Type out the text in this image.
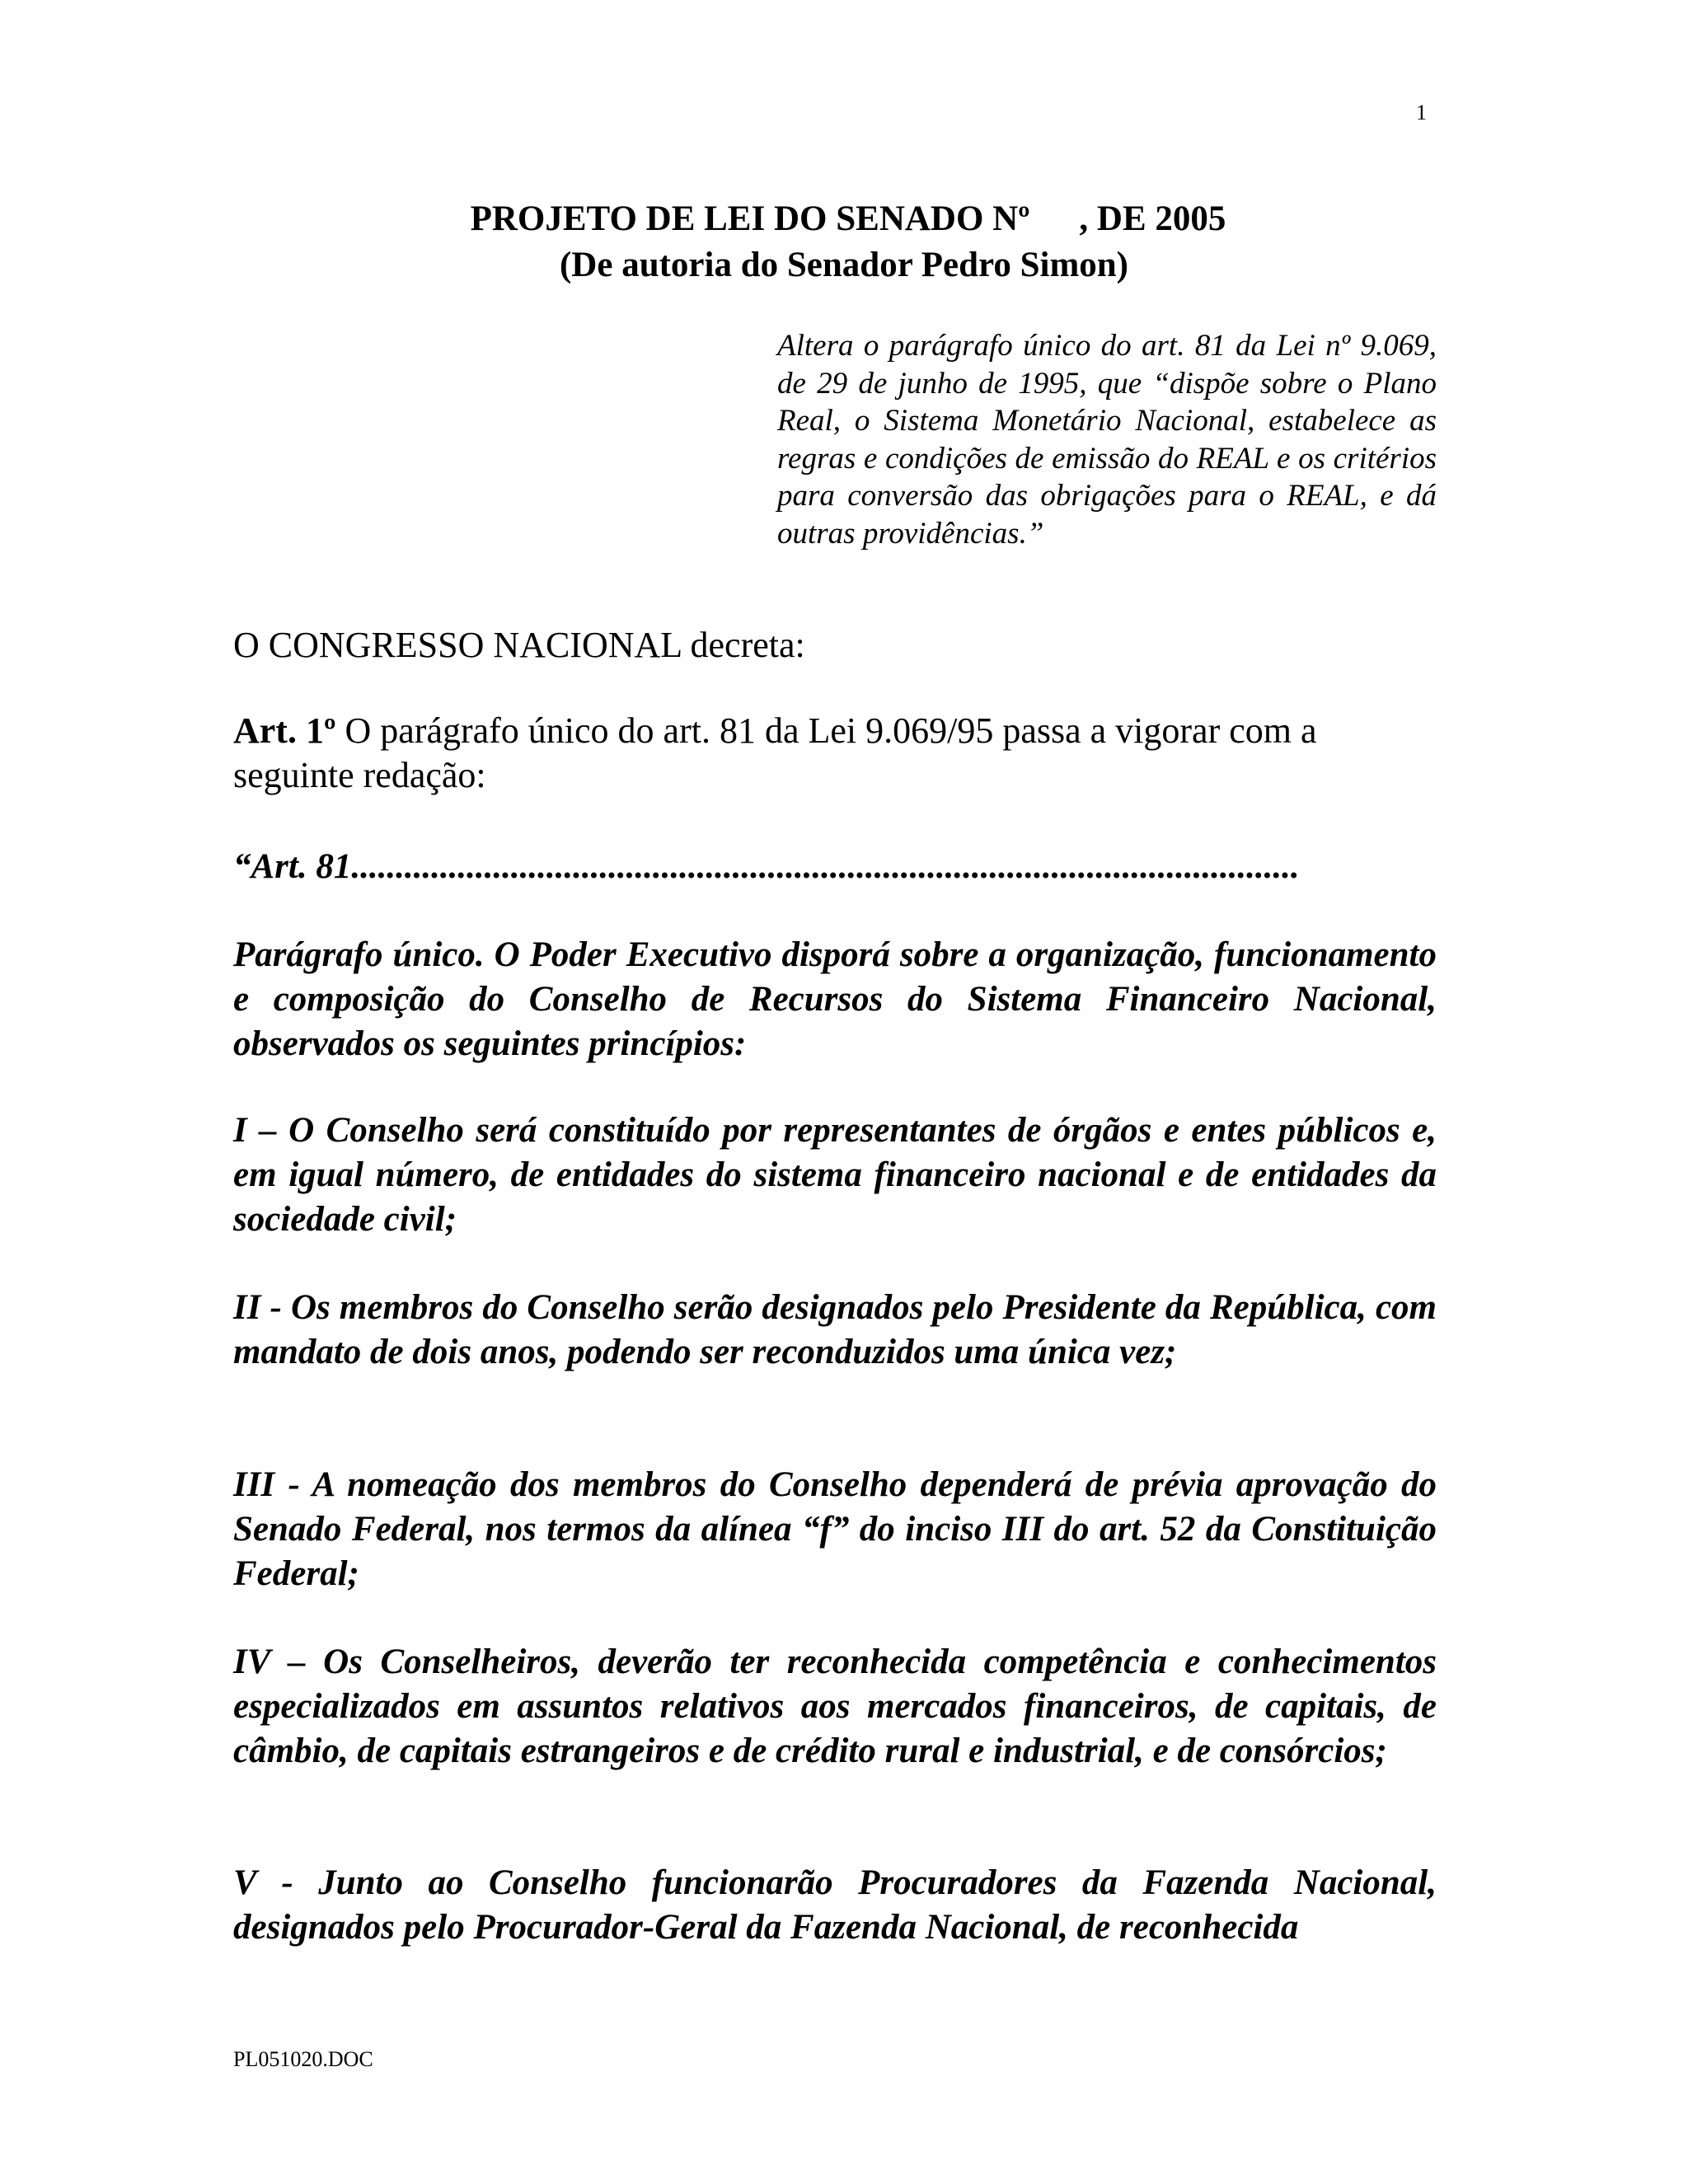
1
PROJETO DE LEI DO SENADO Nº , DE 2005
(De autoria do Senador Pedro Simon)
Altera o parágrafo único do art. 81 da Lei nº 9.069, de 29 de junho de 1995, que “dispõe sobre o Plano Real, o Sistema Monetário Nacional, estabelece as regras e condições de emissão do REAL e os critérios para conversão das obrigações para o REAL, e dá outras providências.”
O CONGRESSO NACIONAL decreta:
Art. 1º O parágrafo único do art. 81 da Lei 9.069/95 passa a vigorar com a seguinte redação:
“Art. 81...........................................................................................................
Parágrafo único. O Poder Executivo disporá sobre a organização, funcionamento e composição do Conselho de Recursos do Sistema Financeiro Nacional, observados os seguintes princípios:
I – O Conselho será constituído por representantes de órgãos e entes públicos e, em igual número, de entidades do sistema financeiro nacional e de entidades da sociedade civil;
II - Os membros do Conselho serão designados pelo Presidente da República, com mandato de dois anos, podendo ser reconduzidos uma única vez;
III - A nomeação dos membros do Conselho dependerá de prévia aprovação do Senado Federal, nos termos da alínea “f” do inciso III do art. 52 da Constituição Federal;
IV – Os Conselheiros, deverão ter reconhecida competência e conhecimentos especializados em assuntos relativos aos mercados financeiros, de capitais, de câmbio, de capitais estrangeiros e de crédito rural e industrial, e de consórcios;
V - Junto ao Conselho funcionarão Procuradores da Fazenda Nacional, designados pelo Procurador-Geral da Fazenda Nacional, de reconhecida
PL051020.DOC
